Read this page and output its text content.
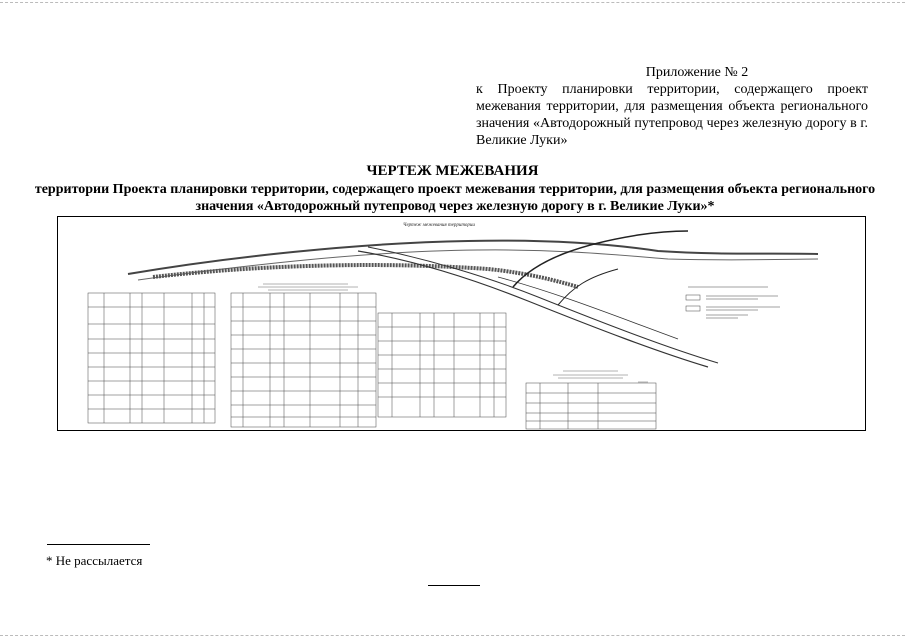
Приложение № 2
к Проекту планировки территории, содержащего проект межевания территории, для размещения объекта регионального значения «Автодорожный путепровод через железную дорогу в г. Великие Луки»
ЧЕРТЕЖ МЕЖЕВАНИЯ
территории Проекта планировки территории, содержащего проект межевания территории, для размещения объекта регионального значения «Автодорожный путепровод через железную дорогу в г. Великие Луки»*
Чертеж межевания территории
* Не рассылается
